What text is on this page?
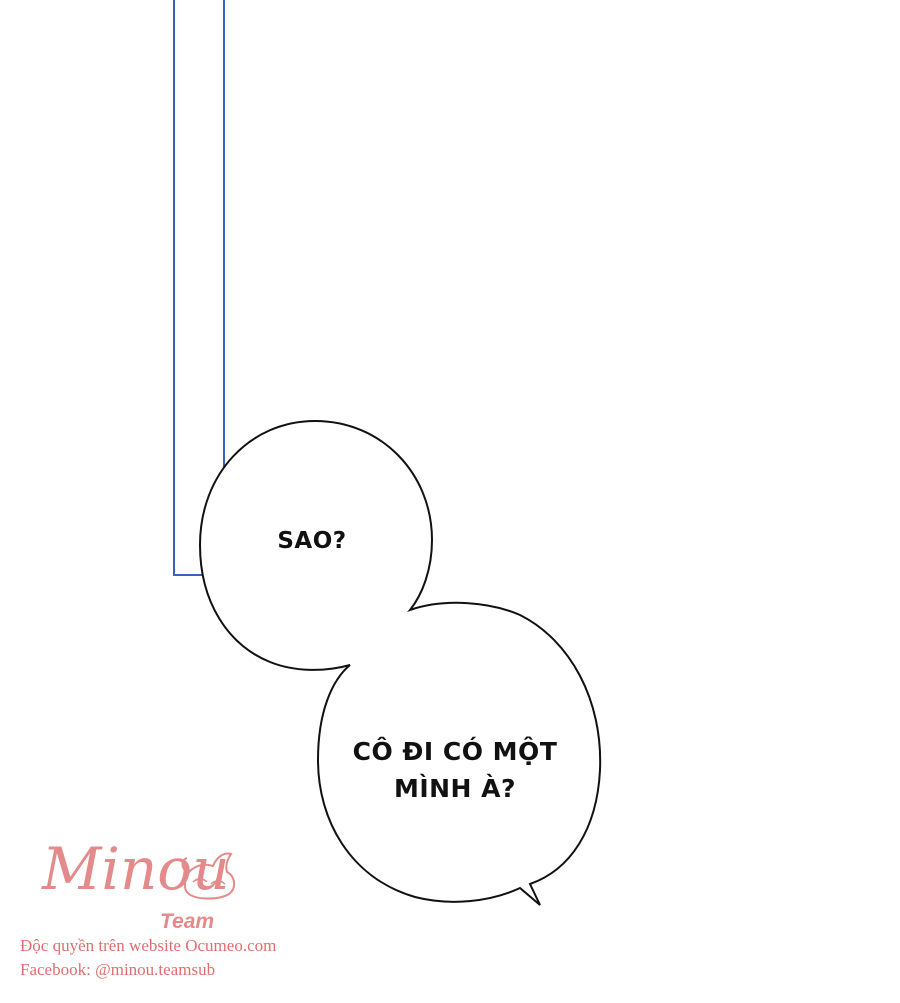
SAO?
CÔ ĐI CÓ MỘT
MÌNH À?
Minou
Team
Độc quyền trên website Ocumeo.com
Facebook: @minou.teamsub
